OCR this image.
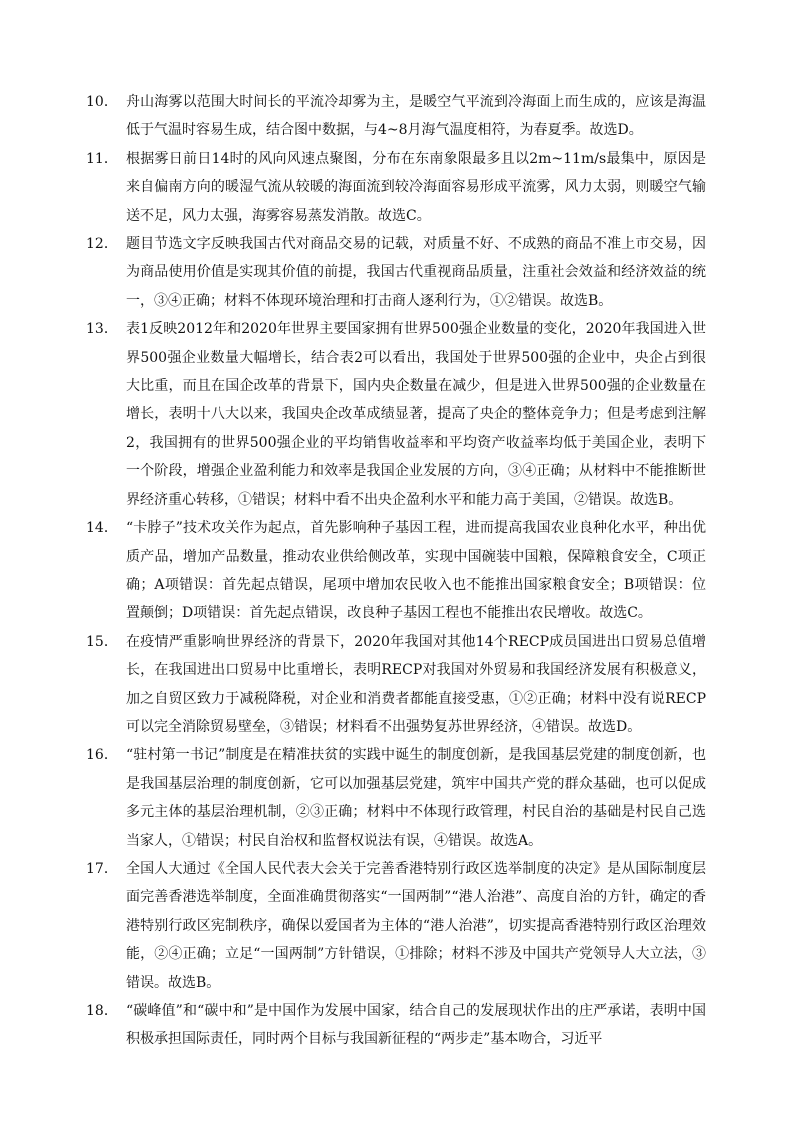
10． 舟山海雾以范围大时间长的平流冷却雾为主，是暖空气平流到冷海面上而生成的，应该是海温低于气温时容易生成，结合图中数据，与4~8月海气温度相符，为春夏季。故选D。
11． 根据雾日前日14时的风向风速点聚图，分布在东南象限最多且以2m~11m/s最集中，原因是来自偏南方向的暖湿气流从较暖的海面流到较冷海面容易形成平流雾，风力太弱，则暖空气输送不足，风力太强，海雾容易蒸发消散。故选C。
12． 题目节选文字反映我国古代对商品交易的记载，对质量不好、不成熟的商品不准上市交易，因为商品使用价值是实现其价值的前提，我国古代重视商品质量，注重社会效益和经济效益的统一，③④正确；材料不体现环境治理和打击商人逐利行为，①②错误。故选B。
13． 表1反映2012年和2020年世界主要国家拥有世界500强企业数量的变化，2020年我国进入世界500强企业数量大幅增长，结合表2可以看出，我国处于世界500强的企业中，央企占到很大比重，而且在国企改革的背景下，国内央企数量在减少，但是进入世界500强的企业数量在增长，表明十八大以来，我国央企改革成绩显著，提高了央企的整体竞争力；但是考虑到注解2，我国拥有的世界500强企业的平均销售收益率和平均资产收益率均低于美国企业，表明下一个阶段，增强企业盈利能力和效率是我国企业发展的方向，③④正确；从材料中不能推断世界经济重心转移，①错误；材料中看不出央企盈利水平和能力高于美国，②错误。故选B。
14． “卡脖子”技术攻关作为起点，首先影响种子基因工程，进而提高我国农业良种化水平，种出优质产品，增加产品数量，推动农业供给侧改革，实现中国碗装中国粮，保障粮食安全，C项正确；A项错误：首先起点错误，尾项中增加农民收入也不能推出国家粮食安全；B项错误：位置颠倒；D项错误：首先起点错误，改良种子基因工程也不能推出农民增收。故选C。
15． 在疫情严重影响世界经济的背景下，2020年我国对其他14个RECP成员国进出口贸易总值增长，在我国进出口贸易中比重增长，表明RECP对我国对外贸易和我国经济发展有积极意义，加之自贸区致力于减税降税，对企业和消费者都能直接受惠，①②正确；材料中没有说RECP可以完全消除贸易壁垒，③错误；材料看不出强势复苏世界经济，④错误。故选D。
16． “驻村第一书记”制度是在精准扶贫的实践中诞生的制度创新，是我国基层党建的制度创新，也是我国基层治理的制度创新，它可以加强基层党建，筑牢中国共产党的群众基础，也可以促成多元主体的基层治理机制，②③正确；材料中不体现行政管理，村民自治的基础是村民自己选当家人，①错误；村民自治权和监督权说法有误，④错误。故选A。
17． 全国人大通过《全国人民代表大会关于完善香港特别行政区选举制度的决定》是从国际制度层面完善香港选举制度，全面准确贯彻落实“一国两制”“港人治港”、高度自治的方针，确定的香港特别行政区宪制秩序，确保以爱国者为主体的“港人治港”，切实提高香港特别行政区治理效能，②④正确；立足“一国两制”方针错误，①排除；材料不涉及中国共产党领导人大立法，③错误。故选B。
18． “碳峰值”和“碳中和”是中国作为发展中国家，结合自己的发展现状作出的庄严承诺，表明中国积极承担国际责任，同时两个目标与我国新征程的“两步走”基本吻合，习近平
